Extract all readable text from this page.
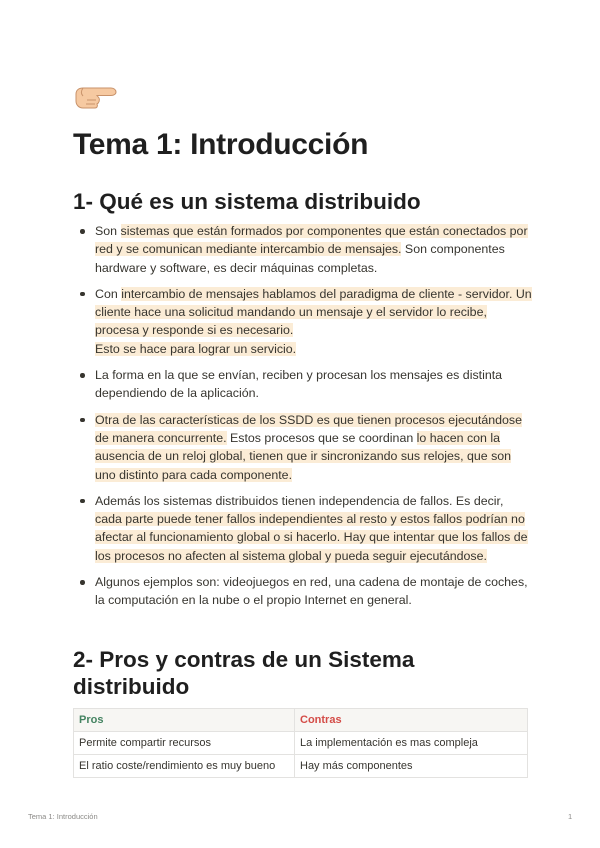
Tema 1: Introducción
1- Qué es un sistema distribuido
Son sistemas que están formados por componentes que están conectados por red y se comunican mediante intercambio de mensajes. Son componentes hardware y software, es decir máquinas completas.
Con intercambio de mensajes hablamos del paradigma de cliente - servidor. Un cliente hace una solicitud mandando un mensaje y el servidor lo recibe, procesa y responde si es necesario.
Esto se hace para lograr un servicio.
La forma en la que se envían, reciben y procesan los mensajes es distinta dependiendo de la aplicación.
Otra de las características de los SSDD es que tienen procesos ejecutándose de manera concurrente. Estos procesos que se coordinan lo hacen con la ausencia de un reloj global, tienen que ir sincronizando sus relojes, que son uno distinto para cada componente.
Además los sistemas distribuidos tienen independencia de fallos. Es decir, cada parte puede tener fallos independientes al resto y estos fallos podrían no afectar al funcionamiento global o si hacerlo. Hay que intentar que los fallos de los procesos no afecten al sistema global y pueda seguir ejecutándose.
Algunos ejemplos son: videojuegos en red, una cadena de montaje de coches, la computación en la nube o el propio Internet en general.
2- Pros y contras de un Sistema distribuido
Pros	Contras
Permite compartir recursos	La implementación es mas compleja
El ratio coste/rendimiento es muy bueno	Hay más componentes
Tema 1: Introducción	1
